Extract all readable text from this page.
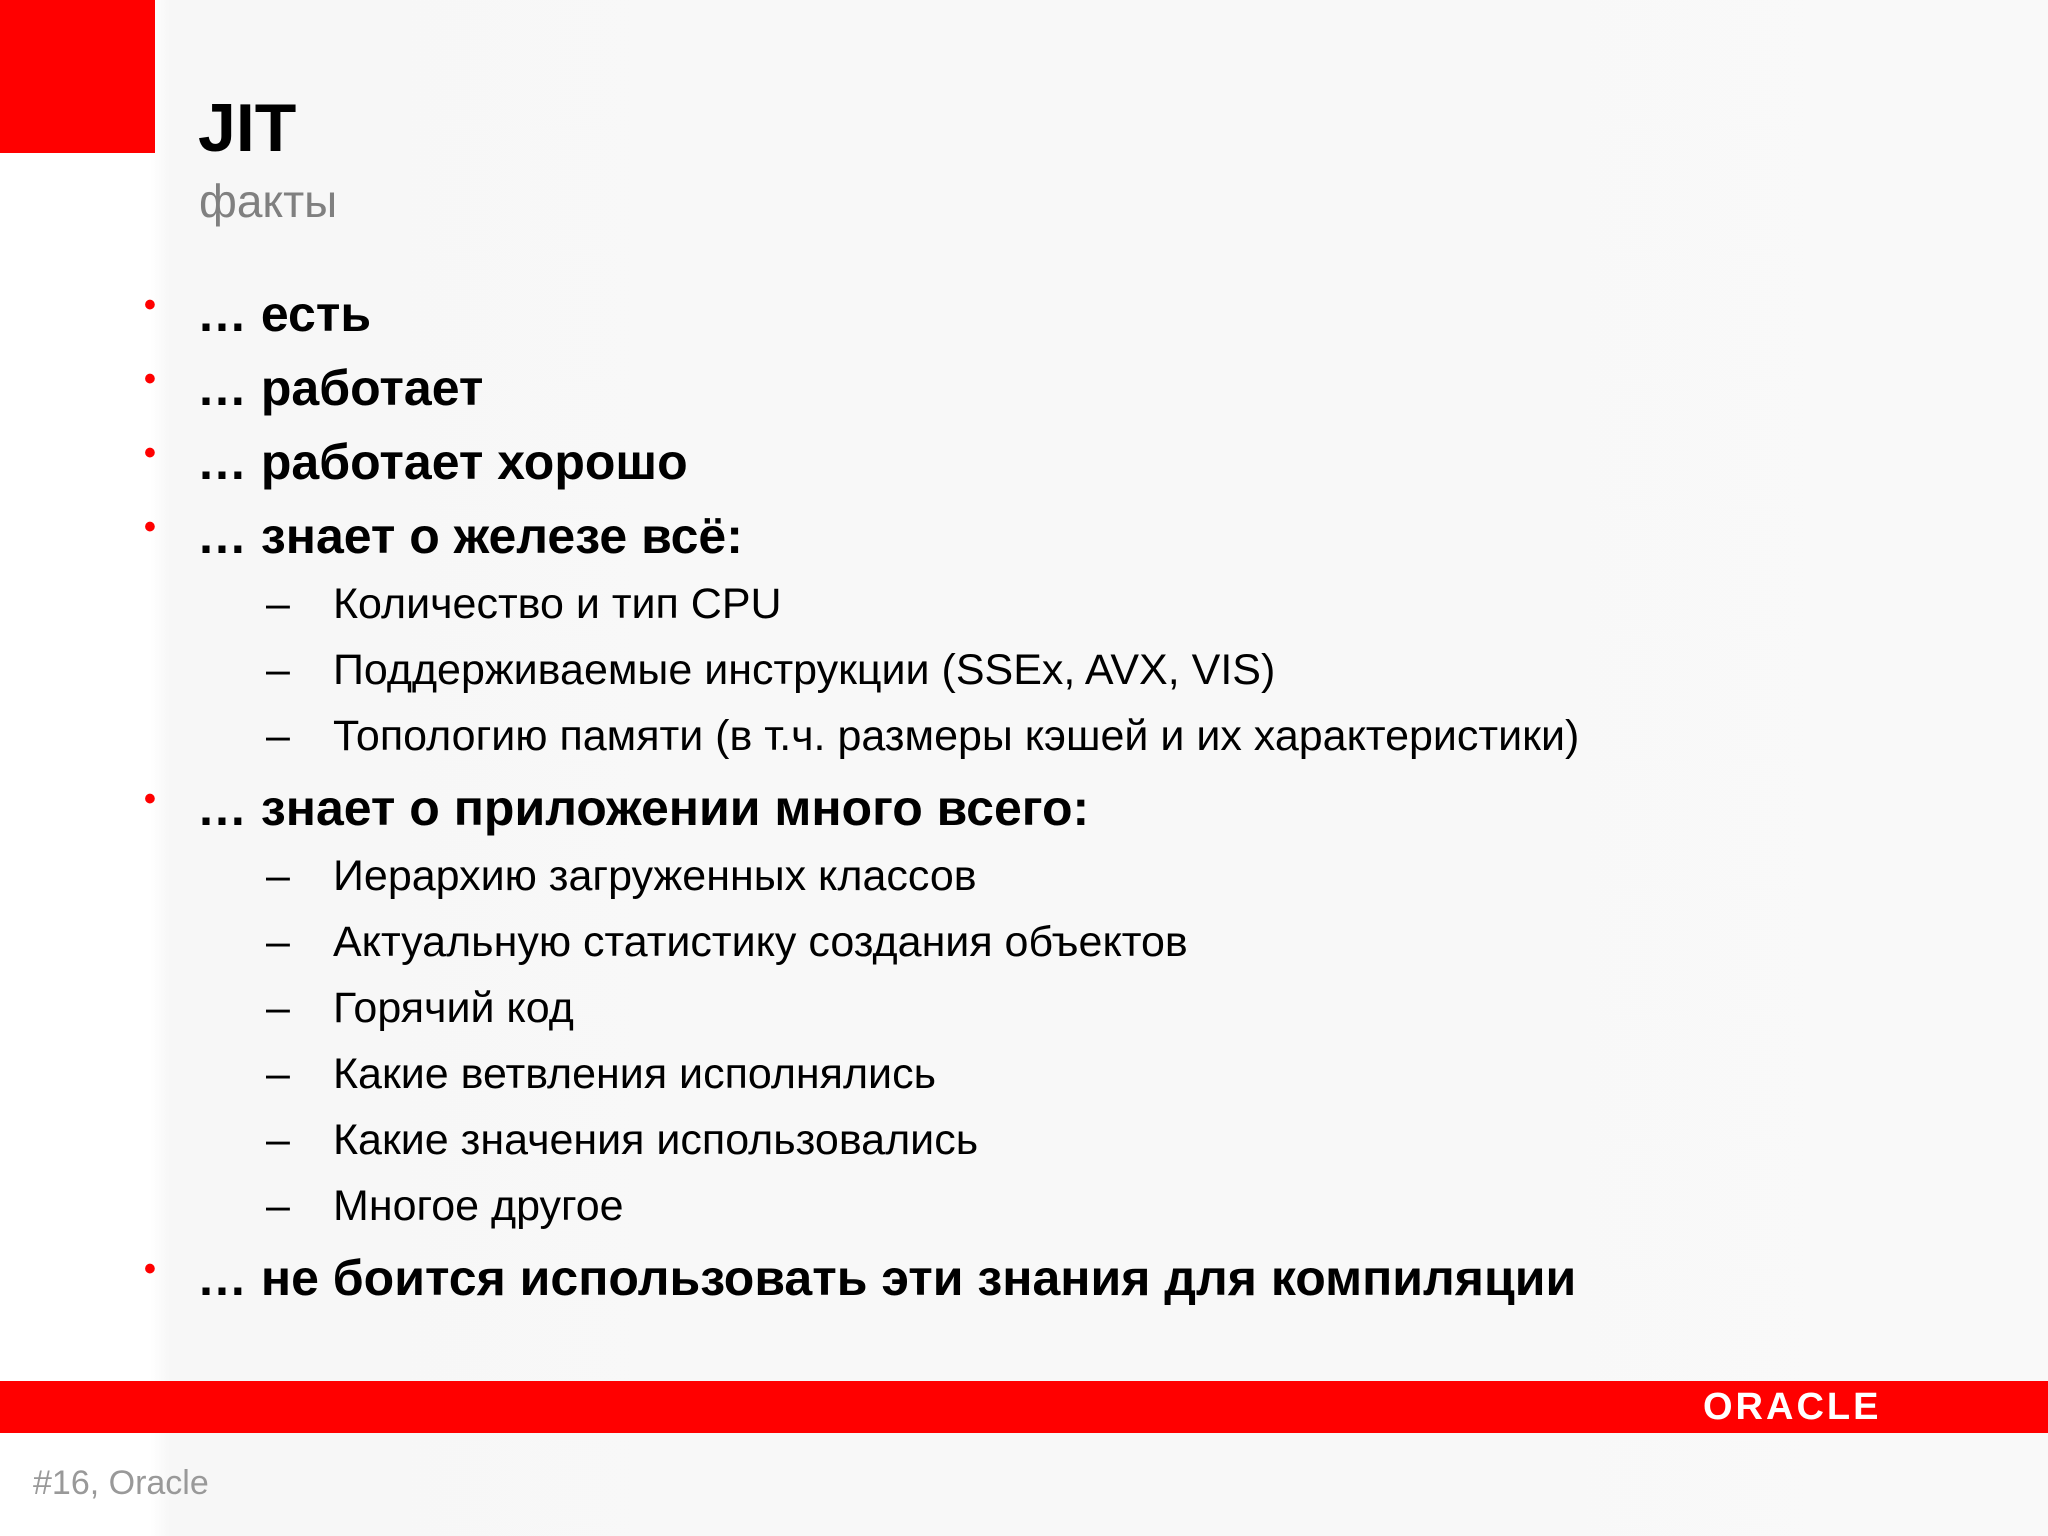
JIT
факты
• … есть
• … работает
• … работает хорошо
• … знает о железе всё:
– Количество и тип CPU
– Поддерживаемые инструкции (SSEx, AVX, VIS)
– Топологию памяти (в т.ч. размеры кэшей и их характеристики)
• … знает о приложении много всего:
– Иерархию загруженных классов
– Актуальную статистику создания объектов
– Горячий код
– Какие ветвления исполнялись
– Какие значения использовались
– Многое другое
• … не боится использовать эти знания для компиляции
ORACLE
#16, Oracle
